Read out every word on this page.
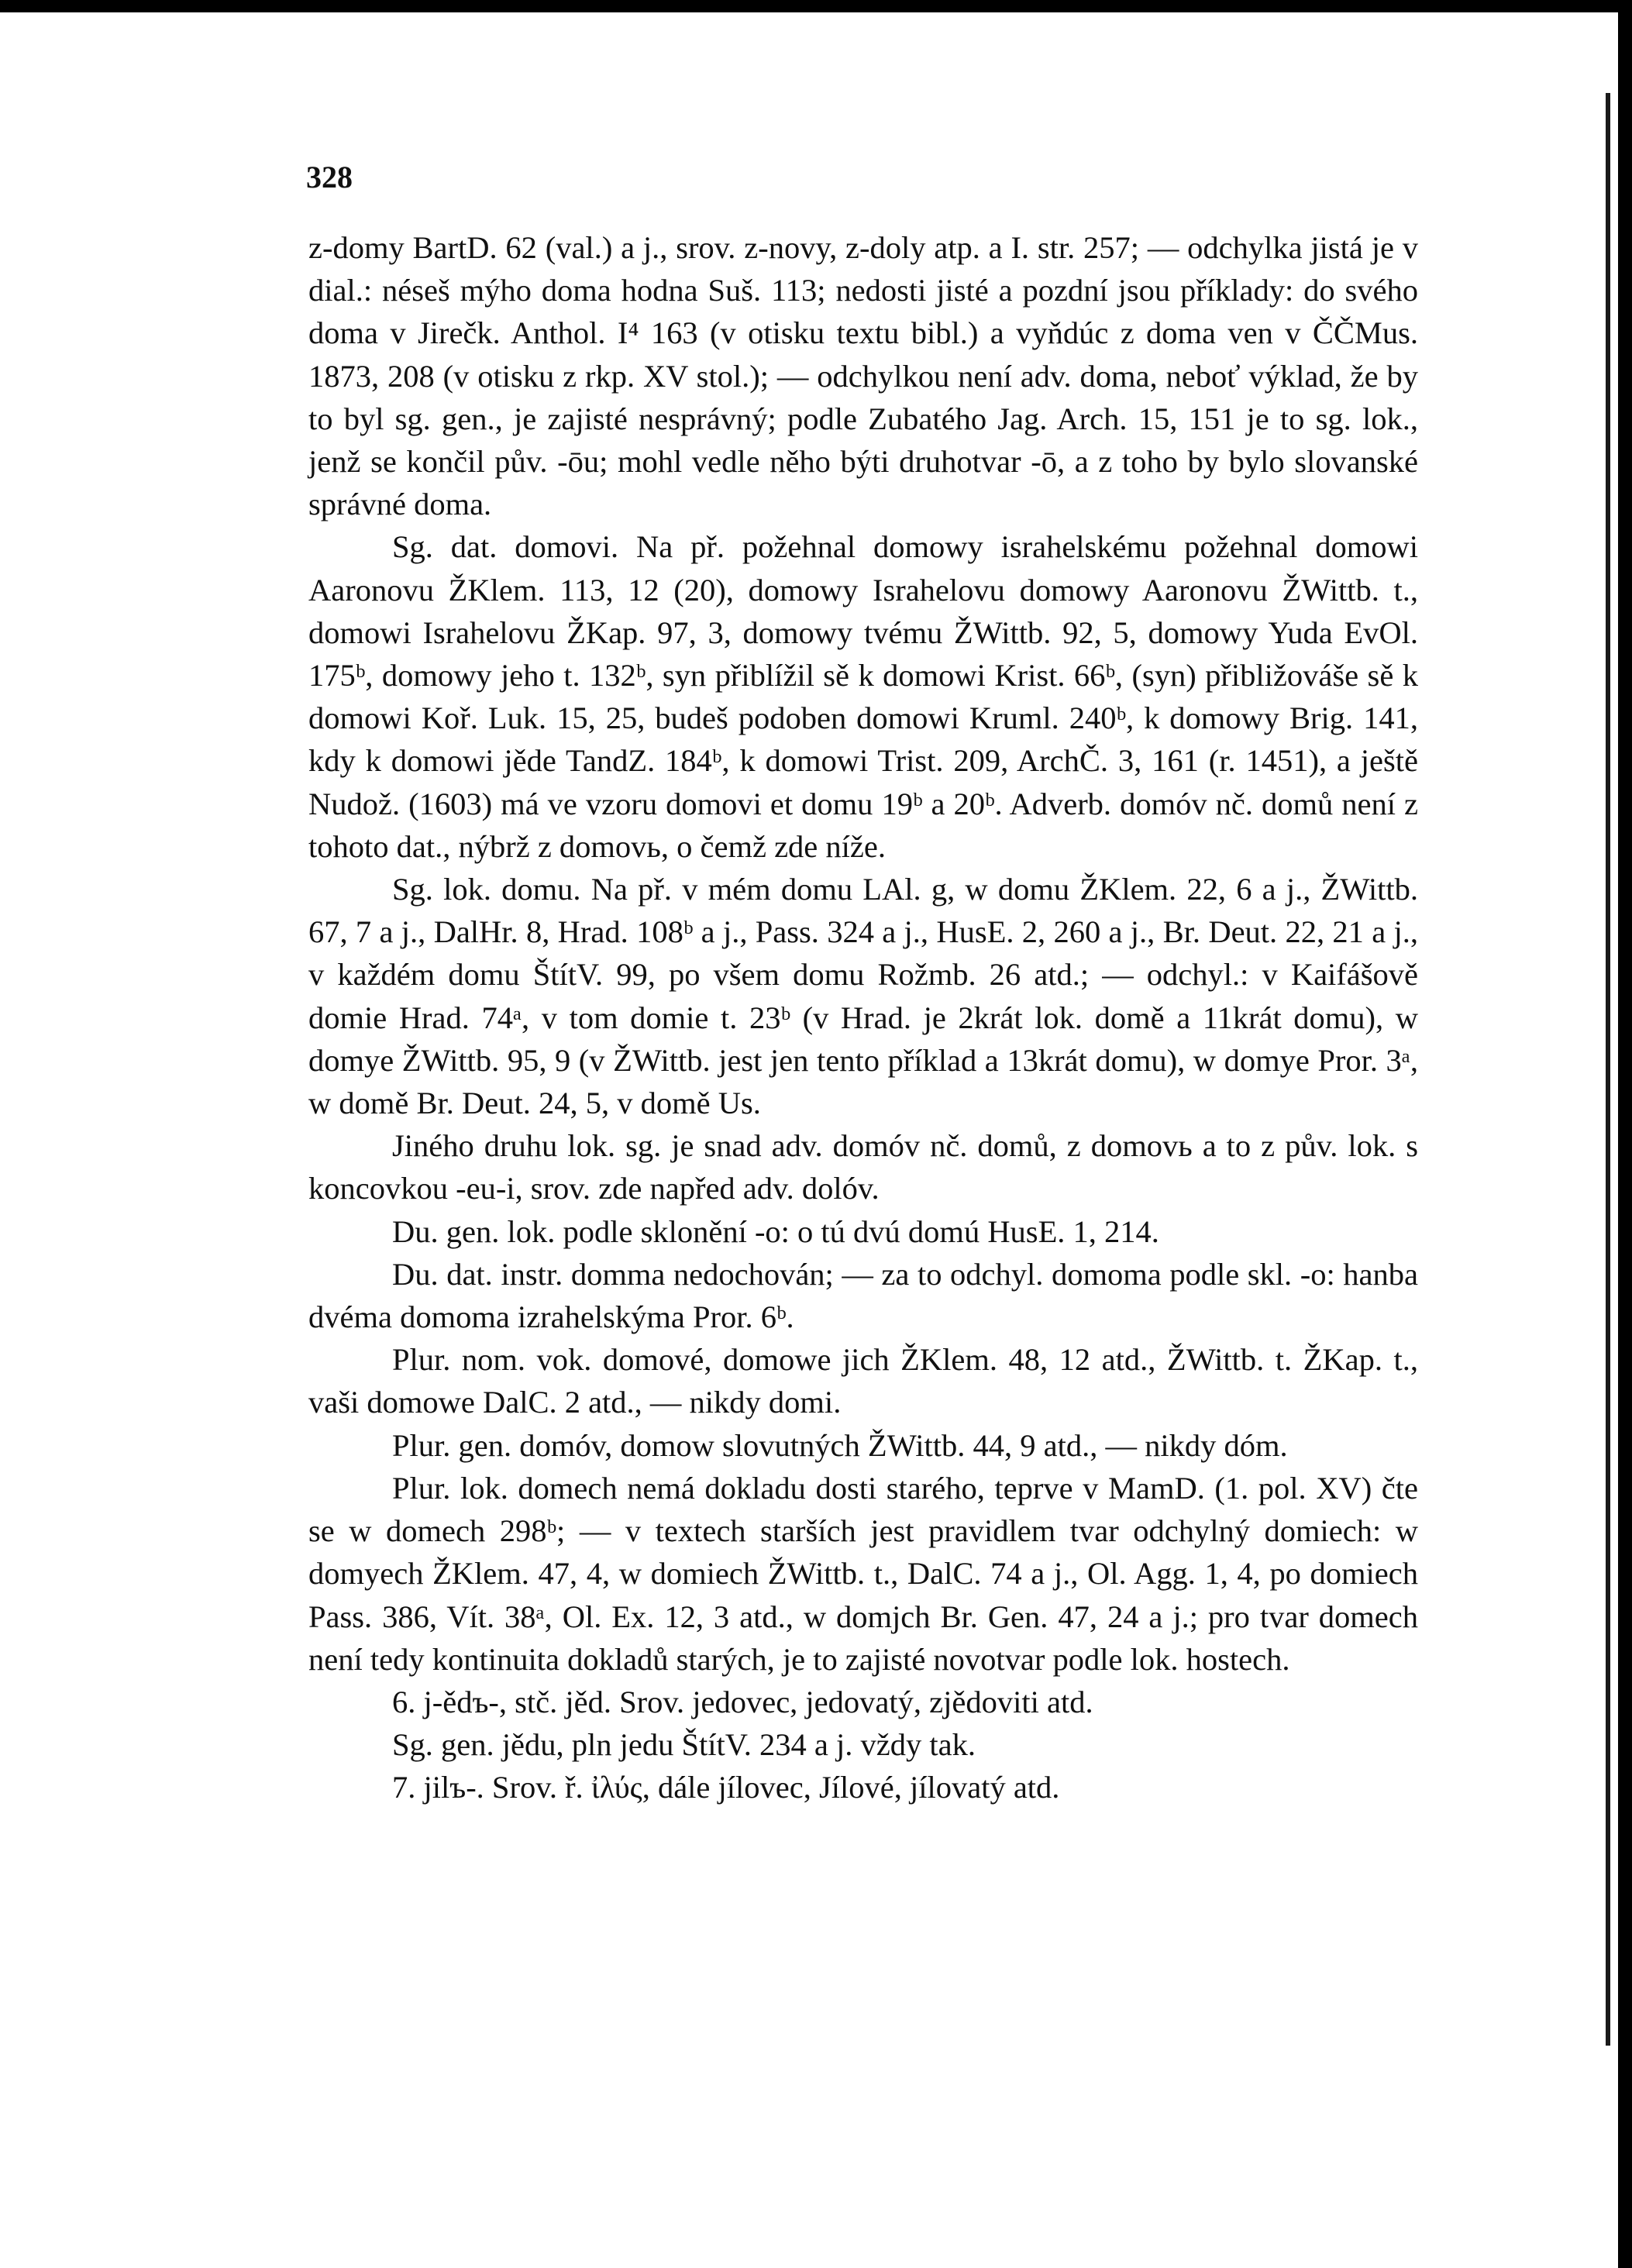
328

z-domy BartD. 62 (val.) a j., srov. z-novy, z-doly atp. a I. str. 257; — odchylka jistá je v dial.: néseš mýho doma hodna Suš. 113; nedosti jisté a pozdní jsou příklady: do svého doma v Jirečk. Anthol. I⁴ 163 (v otisku textu bibl.) a vyňdúc z doma ven v ČČMus. 1873, 208 (v otisku z rkp. XV stol.); — odchylkou není adv. doma, neboť výklad, že by to byl sg. gen., je zajisté nesprávný; podle Zubatého Jag. Arch. 15, 151 je to sg. lok., jenž se končil pův. -ōu; mohl vedle něho býti druhotvar -ō, a z toho by bylo slovanské správné doma.

Sg. dat. domovi. Na př. požehnal domowy israhelskému požehnal domowi Aaronovu ŽKlem. 113, 12 (20), domowy Israhelovu domowy Aaronovu ŽWittb. t., domowi Israhelovu ŽKap. 97, 3, domowy tvému ŽWittb. 92, 5, domowy Yuda EvOl. 175ᵇ, domowy jeho t. 132ᵇ, syn přiblížil sě k domowi Krist. 66ᵇ, (syn) přibližováše sě k domowi Koř. Luk. 15, 25, budeš podoben domowi Kruml. 240ᵇ, k domowy Brig. 141, kdy k domowi jěde TandZ. 184ᵇ, k domowi Trist. 209, ArchČ. 3, 161 (r. 1451), a ještě Nudož. (1603) má ve vzoru domovi et domu 19ᵇ a 20ᵇ. Adverb. domóv nč. domů není z tohoto dat., nýbrž z domovь, o čemž zde níže.

Sg. lok. domu. Na př. v mém domu LAl. g, w domu ŽKlem. 22, 6 a j., ŽWittb. 67, 7 a j., DalHr. 8, Hrad. 108ᵇ a j., Pass. 324 a j., HusE. 2, 260 a j., Br. Deut. 22, 21 a j., v každém domu ŠtítV. 99, po všem domu Rožmb. 26 atd.; — odchyl.: v Kaifášově domie Hrad. 74ᵃ, v tom domie t. 23ᵇ (v Hrad. je 2krát lok. domě a 11krát domu), w domye ŽWittb. 95, 9 (v ŽWittb. jest jen tento příklad a 13krát domu), w domye Pror. 3ᵃ, w domě Br. Deut. 24, 5, v domě Us.

Jiného druhu lok. sg. je snad adv. domóv nč. domů, z domovь a to z pův. lok. s koncovkou -eu-i, srov. zde napřed adv. dolóv.

Du. gen. lok. podle sklonění -o: o tú dvú domú HusE. 1, 214.

Du. dat. instr. domma nedochován; — za to odchyl. domoma podle skl. -o: hanba dvéma domoma izrahelskýma Pror. 6ᵇ.

Plur. nom. vok. domové, domowe jich ŽKlem. 48, 12 atd., ŽWittb. t. ŽKap. t., vaši domowe DalC. 2 atd., — nikdy domi.

Plur. gen. domóv, domow slovutných ŽWittb. 44, 9 atd., — nikdy dóm.

Plur. lok. domech nemá dokladu dosti starého, teprve v MamD. (1. pol. XV) čte se w domech 298ᵇ; — v textech starších jest pravidlem tvar odchylný domiech: w domyech ŽKlem. 47, 4, w domiech ŽWittb. t., DalC. 74 a j., Ol. Agg. 1, 4, po domiech Pass. 386, Vít. 38ᵃ, Ol. Ex. 12, 3 atd., w domjch Br. Gen. 47, 24 a j.; pro tvar domech není tedy kontinuita dokladů starých, je to zajisté novotvar podle lok. hostech.

6. j-ědъ-, stč. jěd. Srov. jedovec, jedovatý, zjědoviti atd.

Sg. gen. jědu, pln jedu ŠtítV. 234 a j. vždy tak.

7. jilъ-. Srov. ř. ἰλύς, dále jílovec, Jílové, jílovatý atd.
